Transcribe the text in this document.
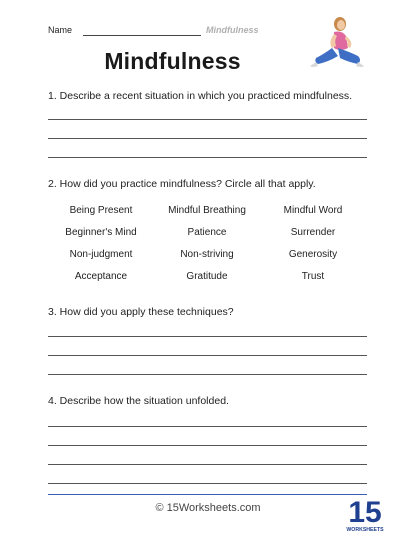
Name	Mindfulness
Mindfulness
1. Describe a recent situation in which you practiced mindfulness.
2. How did you practice mindfulness? Circle all that apply.
Being Present	Mindful Breathing	Mindful Word
Beginner's Mind	Patience	Surrender
Non-judgment	Non-striving	Generosity
Acceptance	Gratitude	Trust
3. How did you apply these techniques?
4. Describe how the situation unfolded.
© 15Worksheets.com	15
WORKSHEETS
